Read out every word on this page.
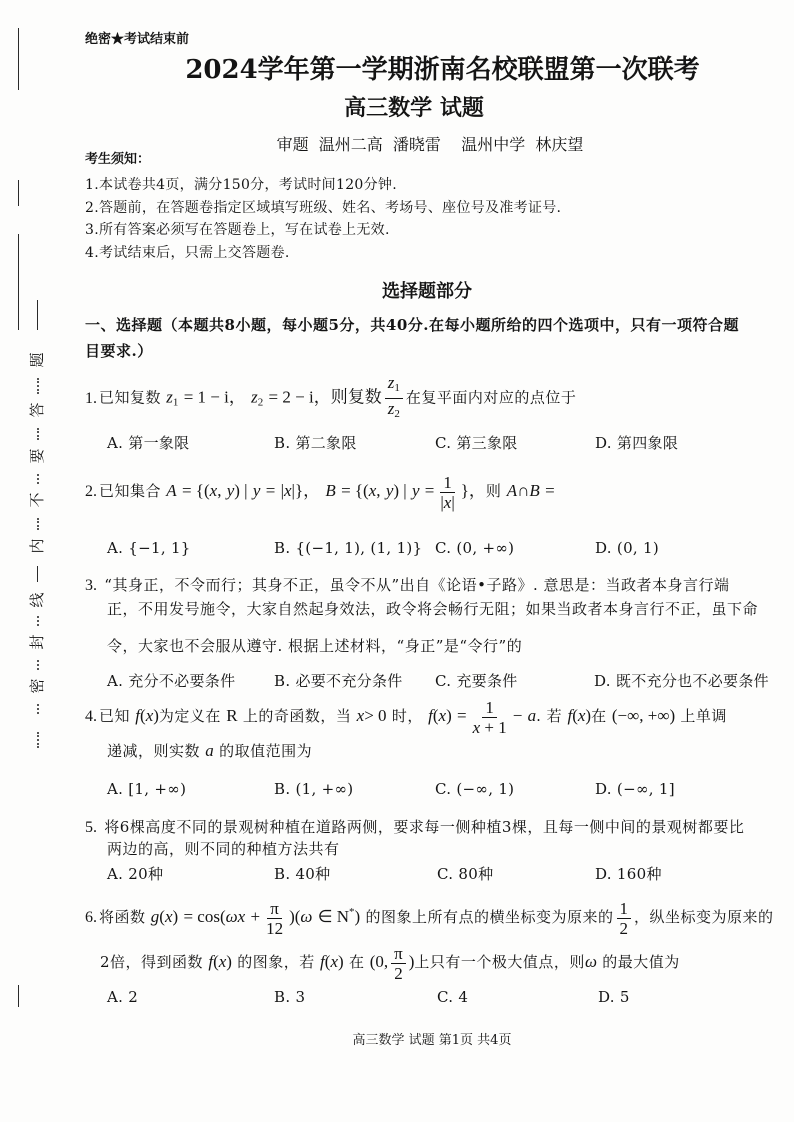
题
答
要
不
内
线
封
密
绝密★考试结束前
2024学年第一学期浙南名校联盟第一次联考
高三数学 试题
审题  温州二高  潘晓雷    温州中学  林庆望
考生须知：
1.本试卷共4页，满分150分，考试时间120分钟.
2.答题前，在答题卷指定区域填写班级、姓名、考场号、座位号及准考证号.
3.所有答案必须写在答题卷上，写在试卷上无效.
4.考试结束后，只需上交答题卷.
选择题部分
一、选择题（本题共8小题，每小题5分，共40分.在每小题所给的四个选项中，只有一项符合题
目要求.）
1. 已知复数 $z_1 = 1 - i$， $z_2 = 2 - i$，则复数 $\frac{z_1}{z_2}$ 在复平面内对应的点位于
A. 第一象限	B. 第二象限	C. 第三象限	D. 第四象限
2. 已知集合 A = {(x, y) | y = |x|}， B = {(x, y) | $y = \frac{1}{|x|}$ }，则 A∩B =
A. {−1, 1}	B. {(−1, 1), (1, 1)} C. (0, +∞)	D. (0, 1)
3. “其身正，不令而行；其身不正，虽令不从”出自《论语•子路》. 意思是：当政者本身言行端
正，不用发号施令，大家自然起身效法，政令将会畅行无阻；如果当政者本身言行不正，虽下命
令，大家也不会服从遵守. 根据上述材料，“身正”是“令行”的
A. 充分不必要条件	B. 必要不充分条件 C. 充要条件	D. 既不充分也不必要条件
4. 已知 f(x)为定义在 R 上的奇函数，当 x> 0 时， $f(x) = \frac{1}{x + 1} - a$. 若 f(x)在 (−∞, +∞) 上单调
递减，则实数 a 的取值范围为
A. [1, +∞)	B. (1, +∞)	C. (−∞, 1)	D. (−∞, 1]
5. 将6棵高度不同的景观树种植在道路两侧，要求每一侧种植3棵，且每一侧中间的景观树都要比
两边的高，则不同的种植方法共有
A. 20种	B. 40种	C. 80种	D. 160种
6. 将函数 $g(x) = \cos(\omega x + \frac{\pi}{12} )(\omega$ ∈ N*) 的图象上所有点的横坐标变为原来的 $\frac{1}{2}$ ，纵坐标变为原来的
2倍，得到函数 f(x) 的图象，若 f(x) 在 (0, $\frac{\pi}{2}$ )上只有一个极大值点，则ω 的最大值为
A. 2	B. 3	C. 4	D. 5
高三数学 试题 第1页 共4页
